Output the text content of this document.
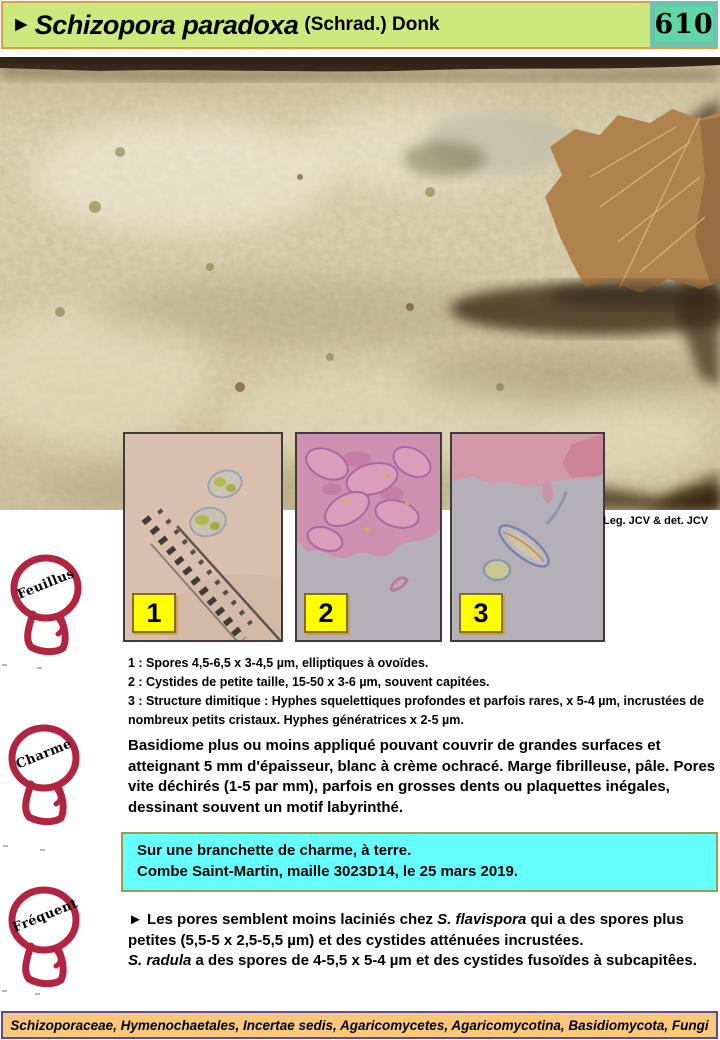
► Schizopora paradoxa (Schrad.) Donk	610
1	2	3
Leg. JCV & det. JCV
Feuillus
Charme
Fréquent

1 : Spores 4,5-6,5 x 3-4,5 µm, elliptiques à ovoïdes.

2 : Cystides de petite taille, 15-50 x 3-6 µm, souvent capitées.

3 : Structure dimitique : Hyphes squelettiques profondes et parfois rares, x 5-4 µm, incrustées de nombreux petits cristaux. Hyphes génératrices x 2-5 µm.

Basidiome plus ou moins appliqué pouvant couvrir de grandes surfaces et atteignant 5 mm d'épaisseur, blanc à crème ochracé. Marge fibrilleuse, pâle. Pores vite déchirés (1-5 par mm), parfois en grosses dents ou plaquettes inégales, dessinant souvent un motif labyrinthé.
Sur une branchette de charme, à terre.
Combe Saint-Martin, maille 3023D14, le 25 mars 2019.
► Les pores semblent moins laciniés chez S. flavispora qui a des spores plus petites (5,5-5 x 2,5-5,5 µm) et des cystides atténuées incrustées.
S. radula a des spores de 4-5,5 x 5-4 µm et des cystides fusoïdes à subcapitêes.
Schizoporaceae, Hymenochaetales, Incertae sedis, Agaricomycetes, Agaricomycotina, Basidiomycota, Fungi
